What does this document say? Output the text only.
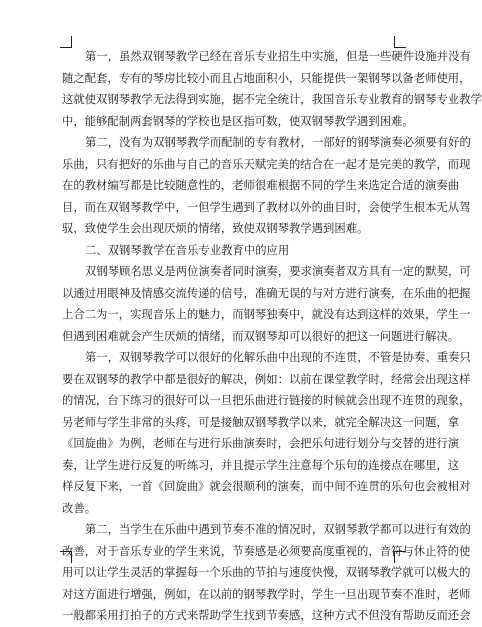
第一，虽然双钢琴教学已经在音乐专业招生中实施，但是一些硬件设施并没有
随之配套，专有的琴房比较小而且占地面积小，只能提供一架钢琴以备老师使用，
这就使双钢琴教学无法得到实施，据不完全统计，我国音乐专业教育的钢琴专业教学
中，能够配制两套钢琴的学校也是区指可数，使双钢琴教学遇到困难。
第二，没有为双钢琴教学而配制的专有教材，一部好的钢琴演奏必须要有好的
乐曲，只有把好的乐曲与自己的音乐天赋完美的结合在一起才是完美的教学，而现
在的教材编写都是比较随意性的，老师很难根据不同的学生来选定合适的演奏曲
目，而在双钢琴教学中，一但学生遇到了教材以外的曲目时，会使学生根本无从驾
驭，致使学生会出现厌烦的情绪，致使双钢琴教学遇到困难。
二、双钢琴教学在音乐专业教育中的应用
双钢琴顾名思义是两位演奏者同时演奏，要求演奏者双方具有一定的默契，可
以通过用眼神及情感交流传递的信号，准确无误的与对方进行演奏，在乐曲的把握
上合二为一，实现音乐上的魅力，而钢琴独奏中，就没有达到这样的效果，学生一
但遇到困难就会产生厌烦的情绪，而双钢琴却可以很好的把这一问题进行解决。
第一，双钢琴教学可以很好的化解乐曲中出现的不连贯，不管是协奏、重奏只
要在双钢琴的教学中都是很好的解决，例如：以前在课堂教学时，经常会出现这样
的情况，台下练习的很好可以一旦把乐曲进行链接的时候就会出现不连贯的现象，
另老师与学生非常的头疼，可是接触双钢琴教学以来，就完全解决这一问题，拿
《回旋曲》为例，老师在与进行乐曲演奏时，会把乐句进行划分与交替的进行演
奏，让学生进行反复的听练习，并且提示学生注意每个乐句的连接点在哪里，这
样反复下来，一首《回旋曲》就会很顺利的演奏，而中间不连贯的乐句也会被相对
改善。
第二，当学生在乐曲中遇到节奏不准的情况时，双钢琴教学都可以进行有效的
改善，对于音乐专业的学生来说，节奏感是必须要高度重视的，音符与休止符的使
用可以让学生灵活的掌握每一个乐曲的节拍与速度快慢，双钢琴教学就可以极大的
对这方面进行增强，例如，在以前的钢琴教学时，学生一旦出现节奏不准时，老师
一般都采用打拍子的方式来帮助学生找到节奏感，这种方式不但没有帮助反而还会
